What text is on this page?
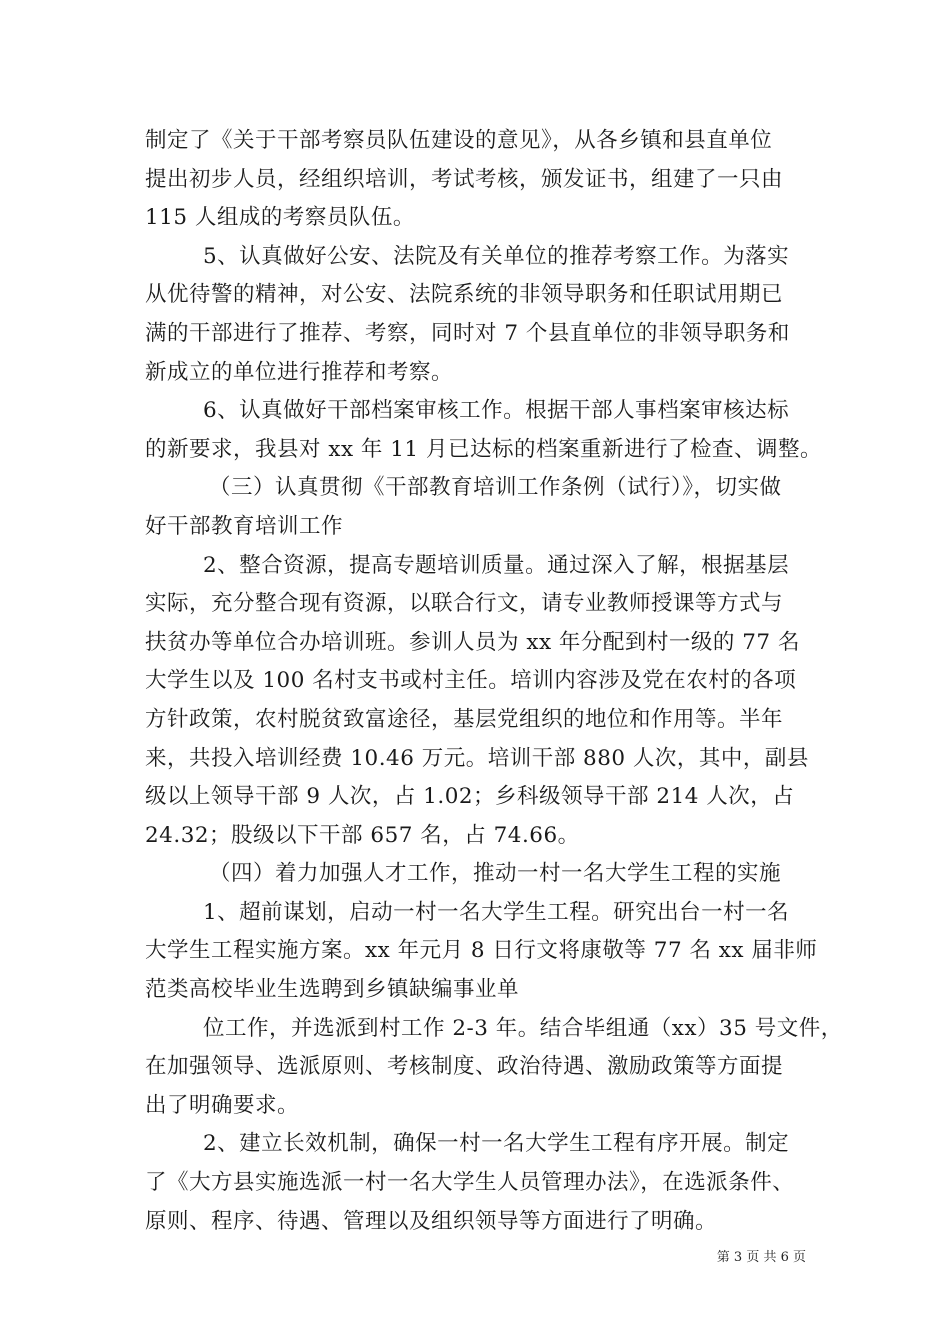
制定了《关于干部考察员队伍建设的意见》，从各乡镇和县直单位
提出初步人员，经组织培训，考试考核，颁发证书，组建了一只由
115 人组成的考察员队伍。
5、认真做好公安、法院及有关单位的推荐考察工作。为落实
从优待警的精神，对公安、法院系统的非领导职务和任职试用期已
满的干部进行了推荐、考察，同时对 7 个县直单位的非领导职务和
新成立的单位进行推荐和考察。
6、认真做好干部档案审核工作。根据干部人事档案审核达标
的新要求，我县对 xx 年 11 月已达标的档案重新进行了检查、调整。
（三）认真贯彻《干部教育培训工作条例（试行）》，切实做
好干部教育培训工作
2、整合资源，提高专题培训质量。通过深入了解，根据基层
实际，充分整合现有资源，以联合行文，请专业教师授课等方式与
扶贫办等单位合办培训班。参训人员为 xx 年分配到村一级的 77 名
大学生以及 100 名村支书或村主任。培训内容涉及党在农村的各项
方针政策，农村脱贫致富途径，基层党组织的地位和作用等。半年
来，共投入培训经费 10.46 万元。培训干部 880 人次，其中，副县
级以上领导干部 9 人次，占 1.02；乡科级领导干部 214 人次，占
24.32；股级以下干部 657 名，占 74.66。
（四）着力加强人才工作，推动一村一名大学生工程的实施
1、超前谋划，启动一村一名大学生工程。研究出台一村一名
大学生工程实施方案。xx 年元月 8 日行文将康敬等 77 名 xx 届非师
范类高校毕业生选聘到乡镇缺编事业单
位工作，并选派到村工作 2-3 年。结合毕组通（xx）35 号文件，
在加强领导、选派原则、考核制度、政治待遇、激励政策等方面提
出了明确要求。
2、建立长效机制，确保一村一名大学生工程有序开展。制定
了《大方县实施选派一村一名大学生人员管理办法》，在选派条件、
原则、程序、待遇、管理以及组织领导等方面进行了明确。
第 3 页 共 6 页
